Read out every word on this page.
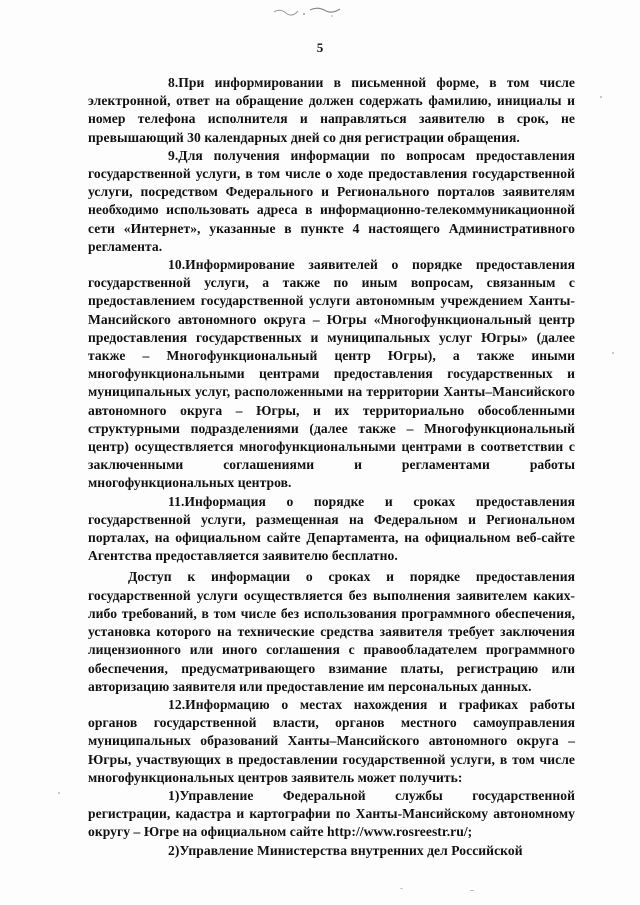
5

8.При информировании в письменной форме, в том числе электронной, ответ на обращение должен содержать фамилию, инициалы и номер телефона исполнителя и направляться заявителю в срок, не превышающий 30 календарных дней со дня регистрации обращения.

9.Для получения информации по вопросам предоставления государственной услуги, в том числе о ходе предоставления государственной услуги, посредством Федерального и Регионального порталов заявителям необходимо использовать адреса в информационно-телекоммуникационной сети «Интернет», указанные в пункте 4 настоящего Административного регламента.

10.Информирование заявителей о порядке предоставления государственной услуги, а также по иным вопросам, связанным с предоставлением государственной услуги автономным учреждением Ханты-Мансийского автономного округа – Югры «Многофункциональный центр предоставления государственных и муниципальных услуг Югры» (далее также – Многофункциональный центр Югры), а также иными многофункциональными центрами предоставления государственных и муниципальных услуг, расположенными на территории Ханты–Мансийского автономного округа – Югры, и их территориально обособленными структурными подразделениями (далее также – Многофункциональный центр) осуществляется многофункциональными центрами в соответствии с заключенными соглашениями и регламентами работы многофункциональных центров.

11.Информация о порядке и сроках предоставления государственной услуги, размещенная на Федеральном и Региональном порталах, на официальном сайте Департамента, на официальном веб-сайте Агентства предоставляется заявителю бесплатно.

Доступ к информации о сроках и порядке предоставления государственной услуги осуществляется без выполнения заявителем каких-либо требований, в том числе без использования программного обеспечения, установка которого на технические средства заявителя требует заключения лицензионного или иного соглашения с правообладателем программного обеспечения, предусматривающего взимание платы, регистрацию или авторизацию заявителя или предоставление им персональных данных.

12.Информацию о местах нахождения и графиках работы органов государственной власти, органов местного самоуправления муниципальных образований Ханты–Мансийского автономного округа – Югры, участвующих в предоставлении государственной услуги, в том числе многофункциональных центров заявитель может получить:

1)Управление Федеральной службы государственной регистрации, кадастра и картографии по Ханты-Мансийскому автономному округу – Югре на официальном сайте http://www.rosreestr.ru/;

2)Управление Министерства внутренних дел Российской
